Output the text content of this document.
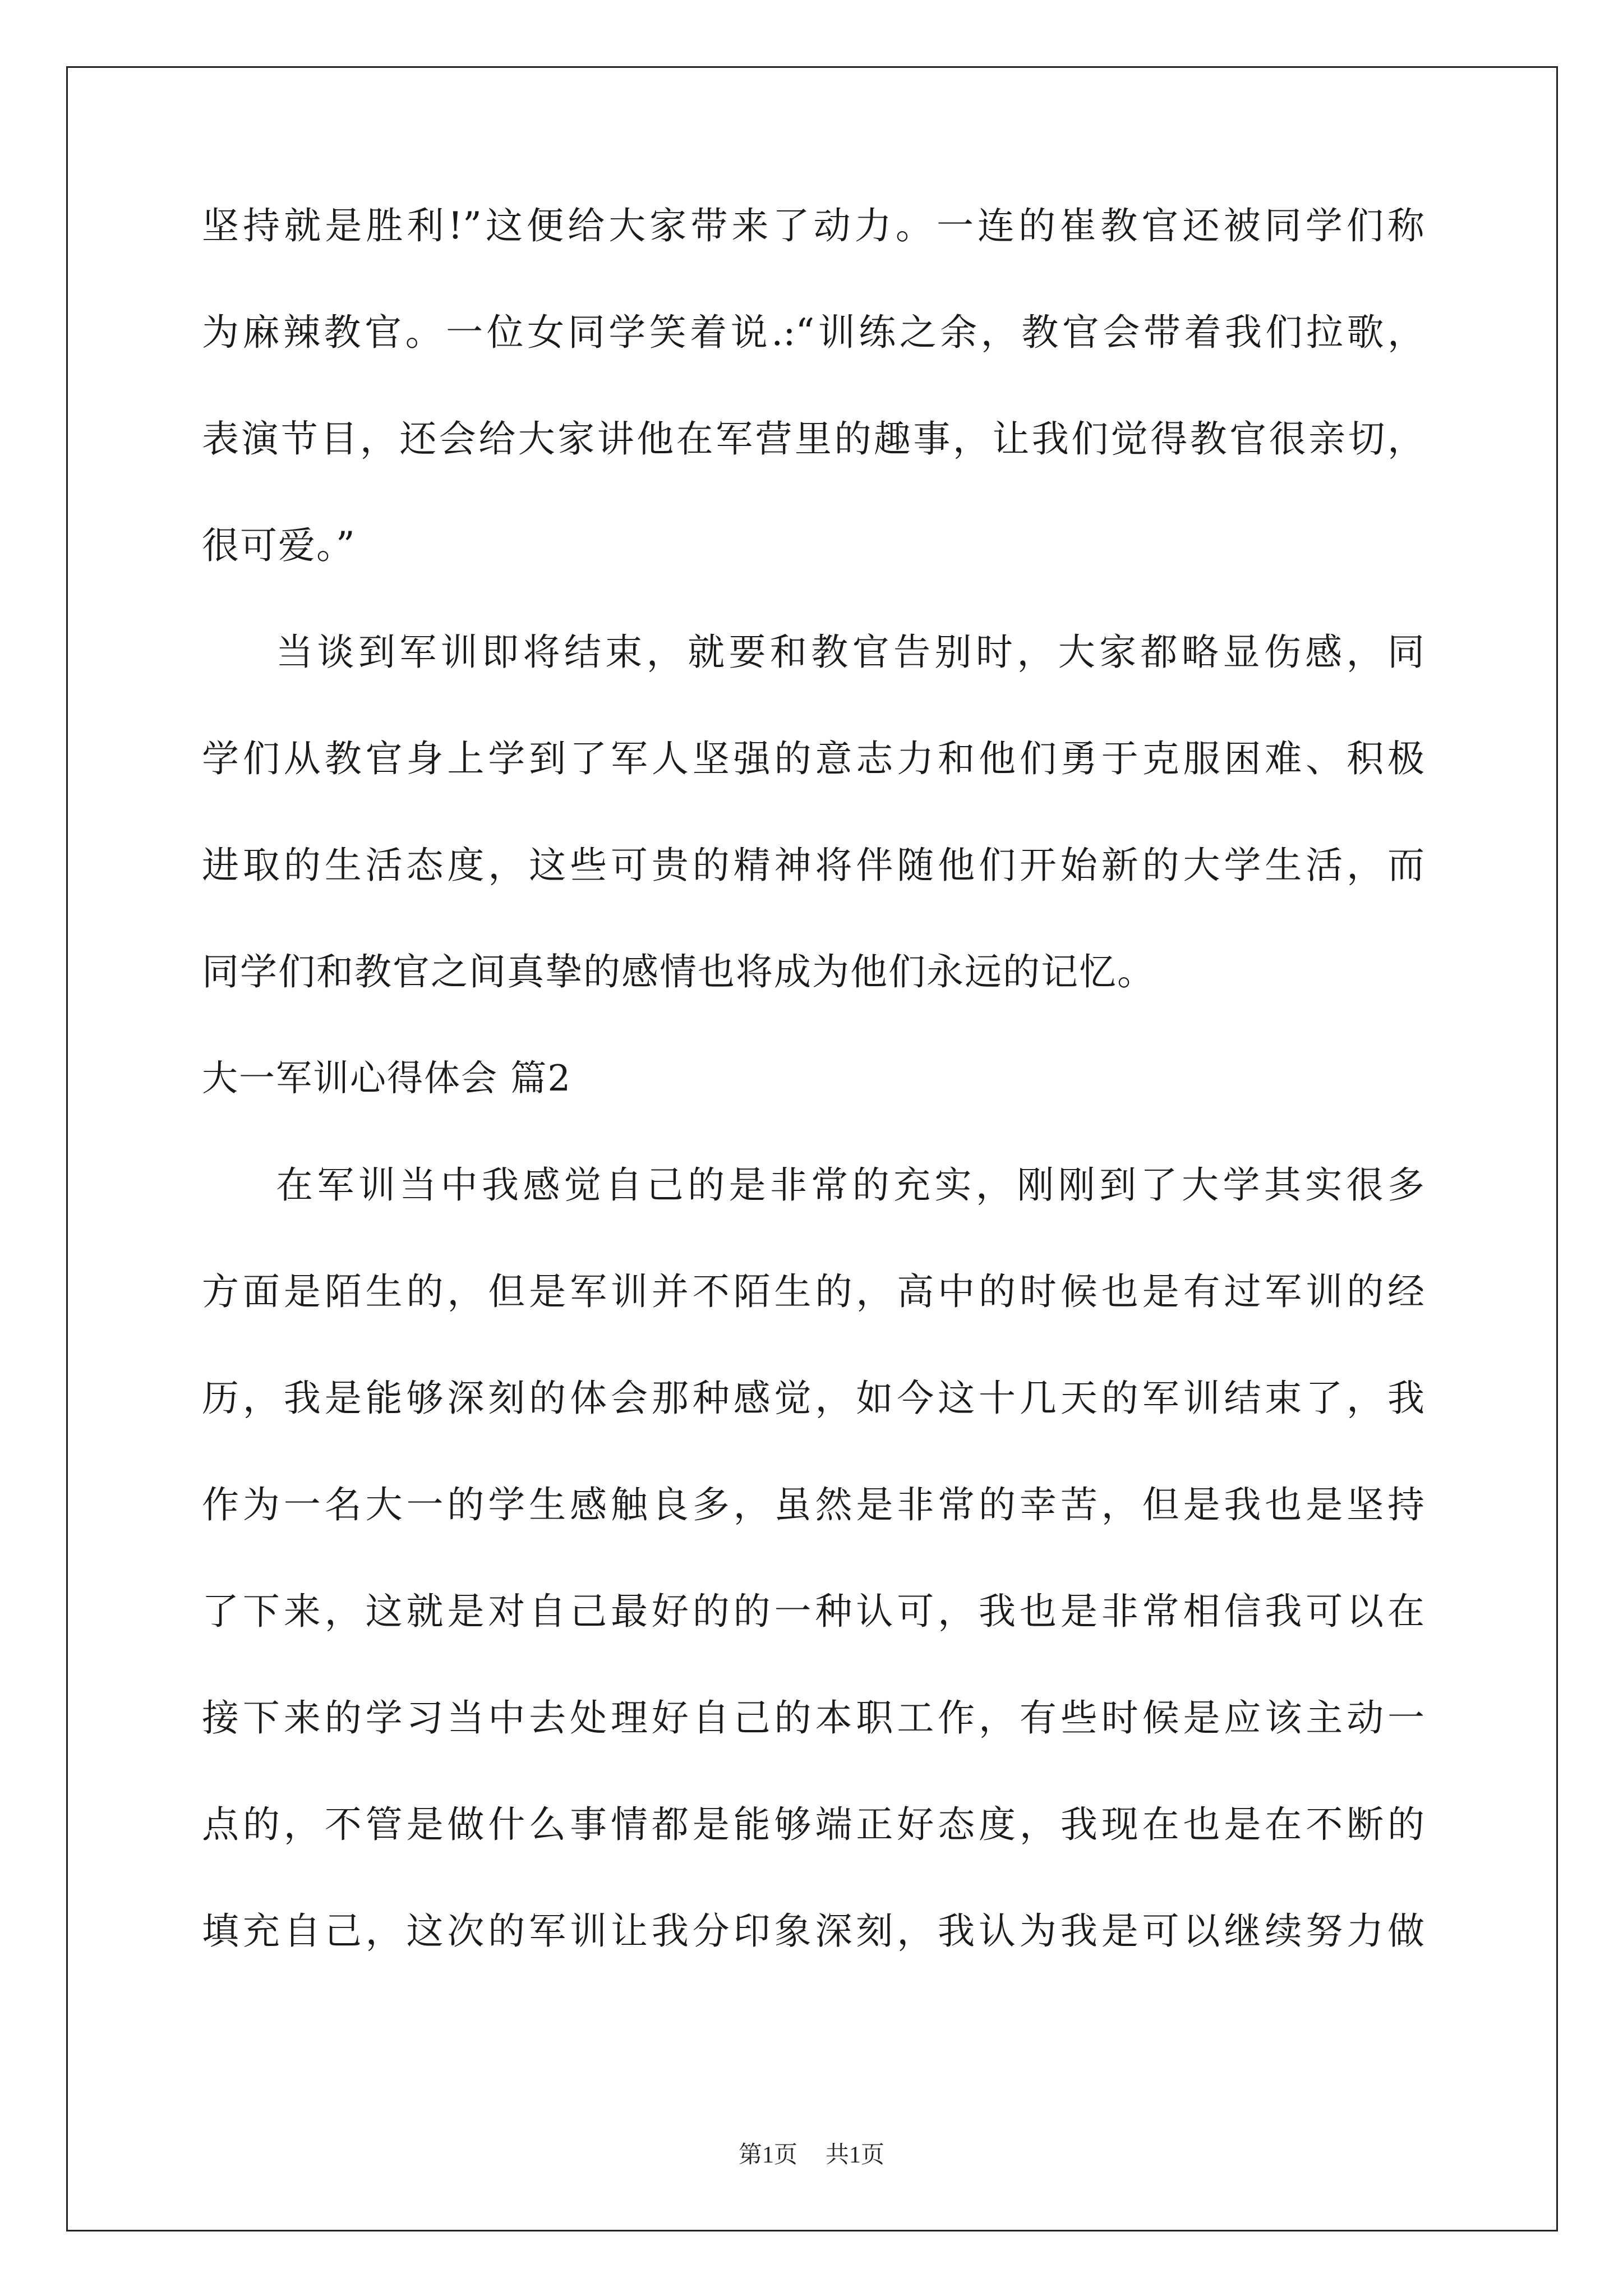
坚持就是胜利!”这便给大家带来了动力。一连的崔教官还被同学们称
为麻辣教官。一位女同学笑着说.:“训练之余，教官会带着我们拉歌，
表演节目，还会给大家讲他在军营里的趣事，让我们觉得教官很亲切，
很可爱。”
当谈到军训即将结束，就要和教官告别时，大家都略显伤感，同
学们从教官身上学到了军人坚强的意志力和他们勇于克服困难、积极
进取的生活态度，这些可贵的精神将伴随他们开始新的大学生活，而
同学们和教官之间真挚的感情也将成为他们永远的记忆。
大一军训心得体会 篇2
在军训当中我感觉自己的是非常的充实，刚刚到了大学其实很多
方面是陌生的，但是军训并不陌生的，高中的时候也是有过军训的经
历，我是能够深刻的体会那种感觉，如今这十几天的军训结束了，我
作为一名大一的学生感触良多，虽然是非常的幸苦，但是我也是坚持
了下来，这就是对自己最好的的一种认可，我也是非常相信我可以在
接下来的学习当中去处理好自己的本职工作，有些时候是应该主动一
点的，不管是做什么事情都是能够端正好态度，我现在也是在不断的
填充自己，这次的军训让我分印象深刻，我认为我是可以继续努力做
第1页 共1页
